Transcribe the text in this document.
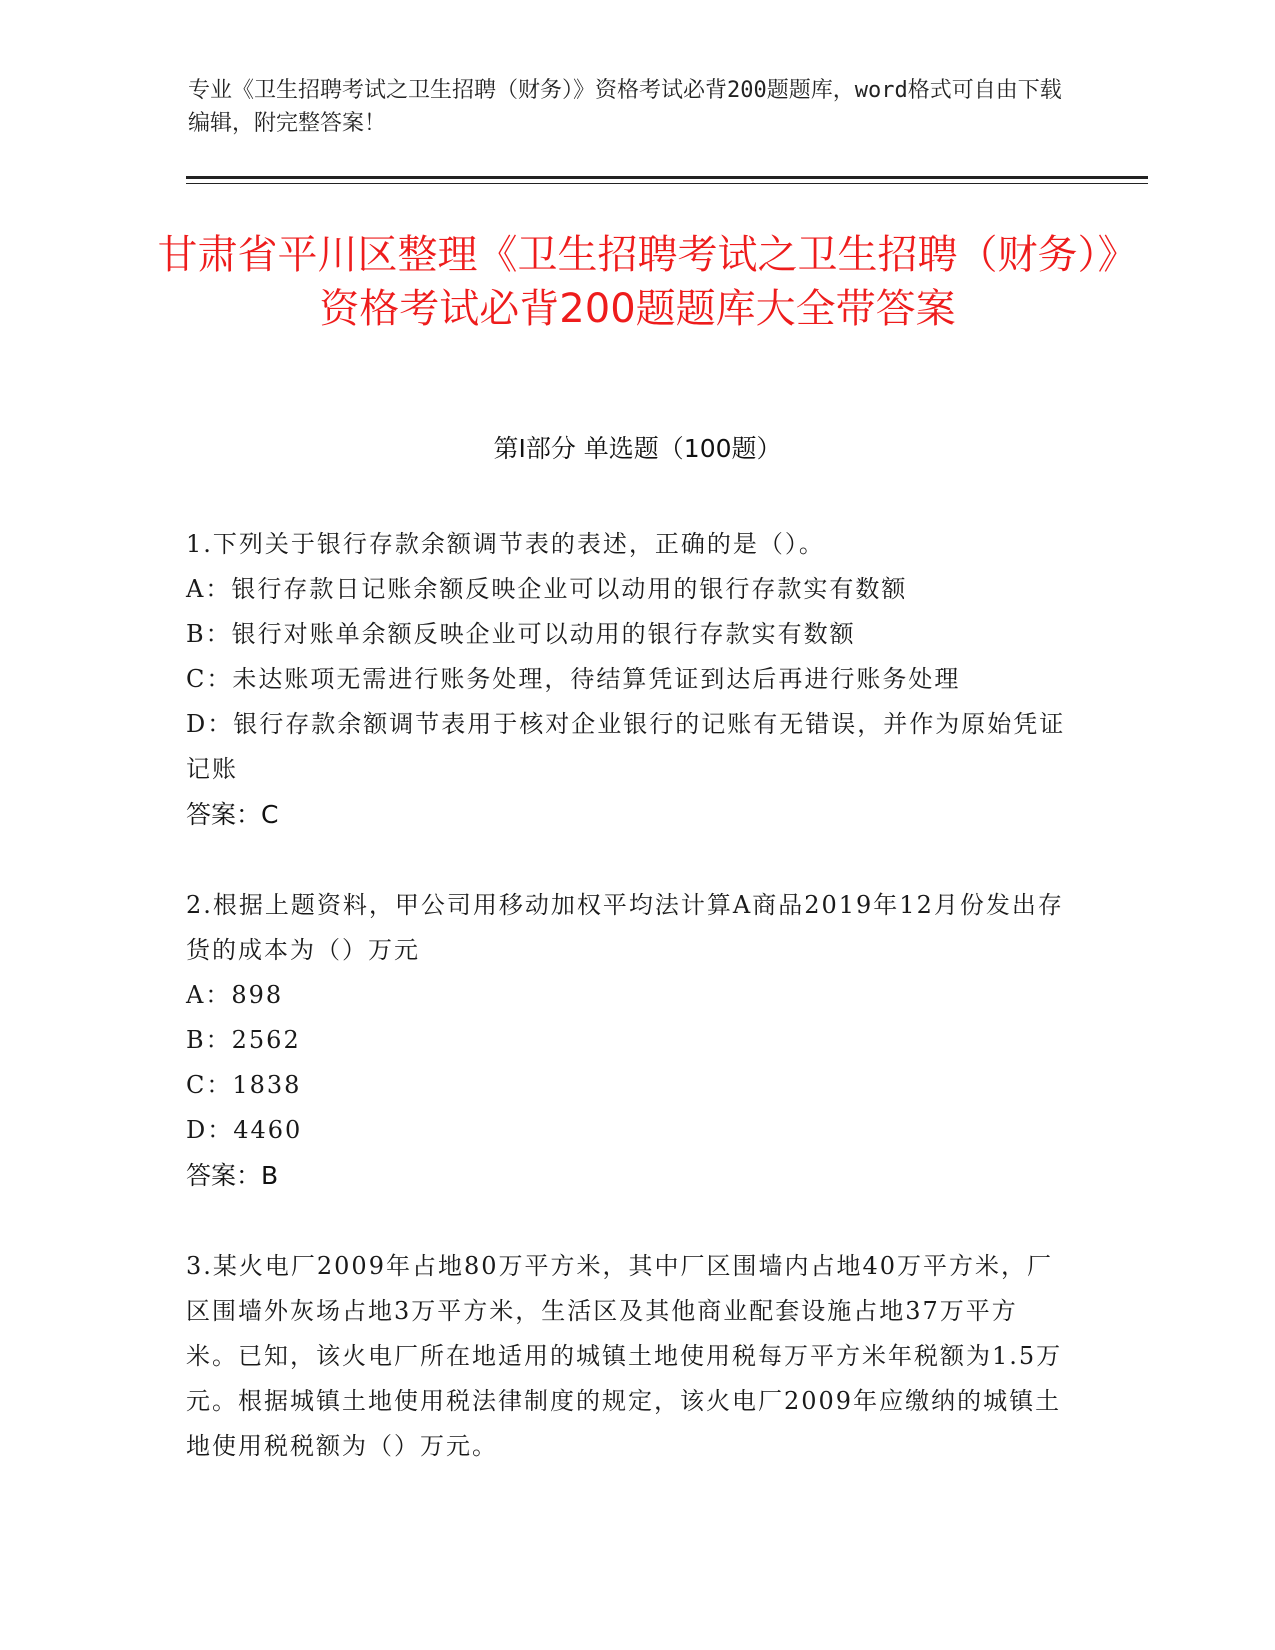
专业《卫生招聘考试之卫生招聘（财务）》资格考试必背200题题库，word格式可自由下载编辑，附完整答案！
甘肃省平川区整理《卫生招聘考试之卫生招聘（财务）》资格考试必背200题题库大全带答案
第I部分 单选题（100题）

1.下列关于银行存款余额调节表的表述，正确的是（）。

A：银行存款日记账余额反映企业可以动用的银行存款实有数额

B：银行对账单余额反映企业可以动用的银行存款实有数额

C：未达账项无需进行账务处理，待结算凭证到达后再进行账务处理

D：银行存款余额调节表用于核对企业银行的记账有无错误，并作为原始凭证记账

答案：C

2.根据上题资料，甲公司用移动加权平均法计算A商品2019年12月份发出存货的成本为（）万元

A：898

B：2562

C：1838

D：4460

答案：B

3.某火电厂2009年占地80万平方米，其中厂区围墙内占地40万平方米，厂区围墙外灰场占地3万平方米，生活区及其他商业配套设施占地37万平方米。已知，该火电厂所在地适用的城镇土地使用税每万平方米年税额为1.5万元。根据城镇土地使用税法律制度的规定，该火电厂2009年应缴纳的城镇土地使用税税额为（）万元。
